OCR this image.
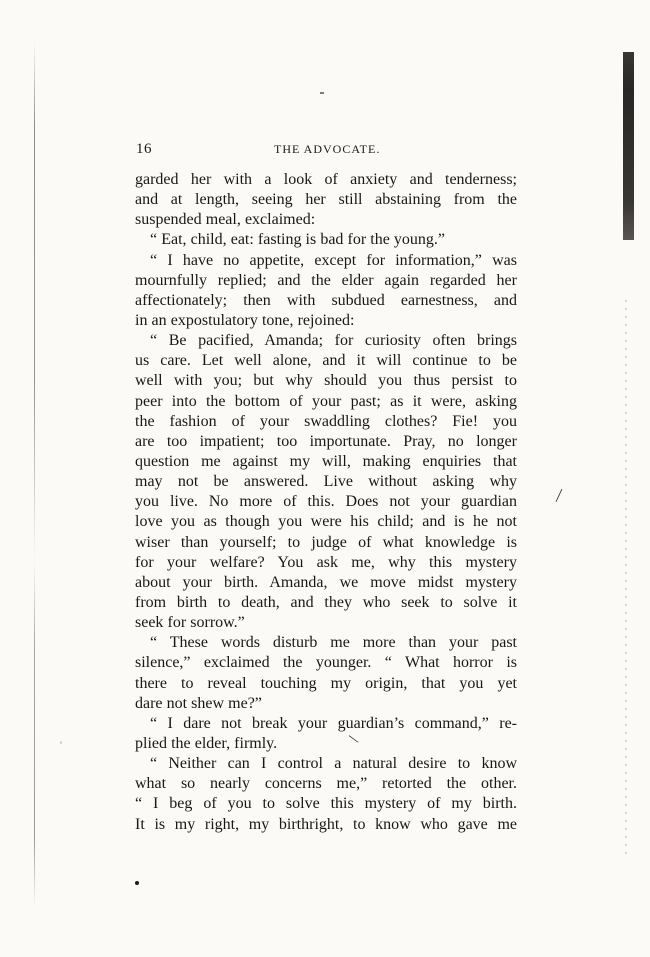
16	THE ADVOCATE.
garded her with a look of anxiety and tenderness;
and at length, seeing her still abstaining from the
suspended meal, exclaimed:
“ Eat, child, eat: fasting is bad for the young.”
“ I have no appetite, except for information,” was
mournfully replied; and the elder again regarded her
affectionately; then with subdued earnestness, and
in an expostulatory tone, rejoined:
“ Be pacified, Amanda; for curiosity often brings
us care. Let well alone, and it will continue to be
well with you; but why should you thus persist to
peer into the bottom of your past; as it were, asking
the fashion of your swaddling clothes? Fie! you
are too impatient; too importunate. Pray, no longer
question me against my will, making enquiries that
may not be answered. Live without asking why
you live. No more of this. Does not your guardian
love you as though you were his child; and is he not
wiser than yourself; to judge of what knowledge is
for your welfare? You ask me, why this mystery
about your birth. Amanda, we move midst mystery
from birth to death, and they who seek to solve it
seek for sorrow.”
“ These words disturb me more than your past
silence,” exclaimed the younger. “ What horror is
there to reveal touching my origin, that you yet
dare not shew me?”
“ I dare not break your guardian’s command,” re-
plied the elder, firmly.
“ Neither can I control a natural desire to know
what so nearly concerns me,” retorted the other.
“ I beg of you to solve this mystery of my birth.
It is my right, my birthright, to know who gave me
/
\
ˌ
